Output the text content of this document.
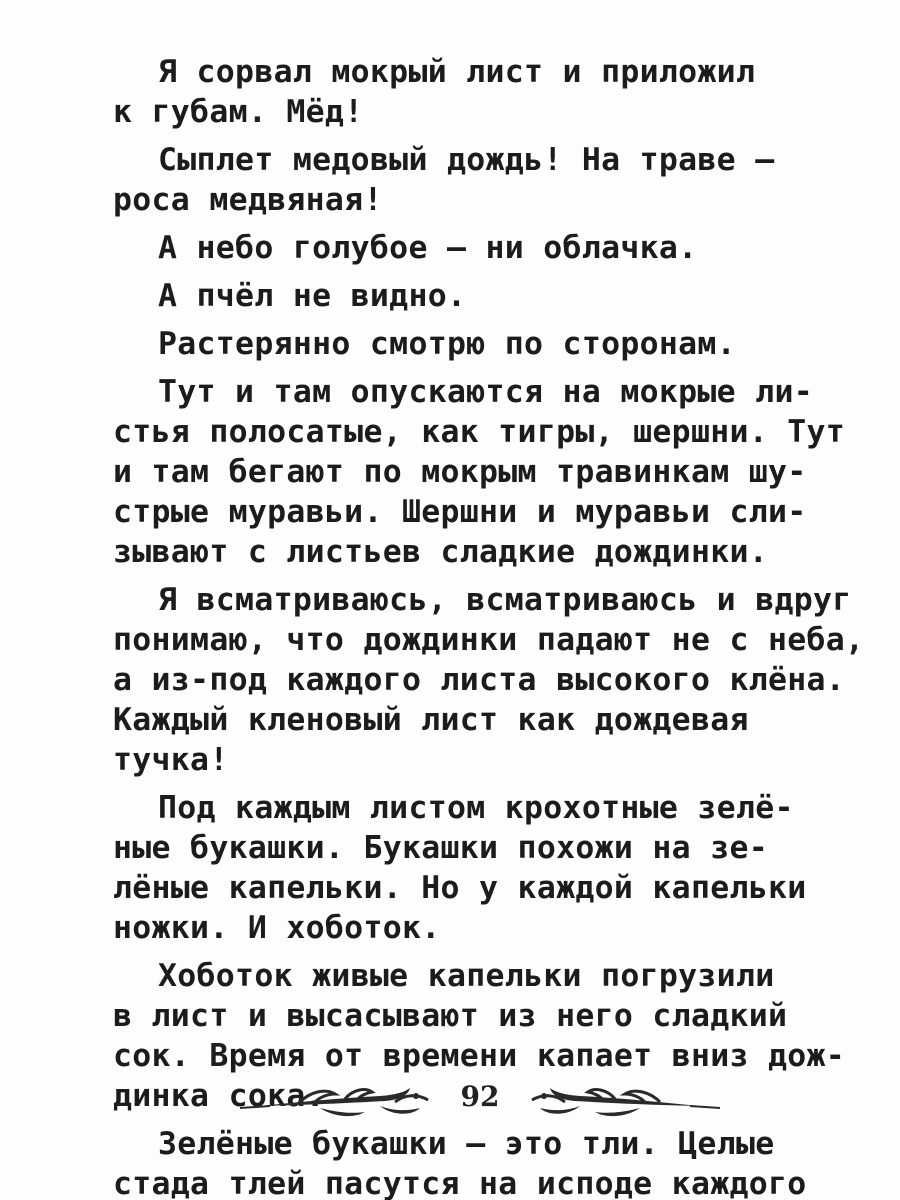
Я сорвал мокрый лист и приложил
к губам. Мёд!

Сыплет медовый дождь! На траве —
роса медвяная!

А небо голубое — ни облачка.

А пчёл не видно.

Растерянно смотрю по сторонам.

Тут и там опускаются на мокрые ли-
стья полосатые, как тигры, шершни. Тут
и там бегают по мокрым травинкам шу-
стрые муравьи. Шершни и муравьи сли-
зывают с листьев сладкие дождинки.

Я всматриваюсь, всматриваюсь и вдруг
понимаю, что дождинки падают не с неба,
а из-под каждого листа высокого клёна.
Каждый кленовый лист как дождевая
тучка!

Под каждым листом крохотные зелё-
ные букашки. Букашки похожи на зе-
лёные капельки. Но у каждой капельки
ножки. И хоботок.

Хоботок живые капельки погрузили
в лист и высасывают из него сладкий
сок. Время от времени капает вниз дож-
динка сока.

Зелёные букашки — это тли. Целые
стада тлей пасутся на исподе каждого

92
